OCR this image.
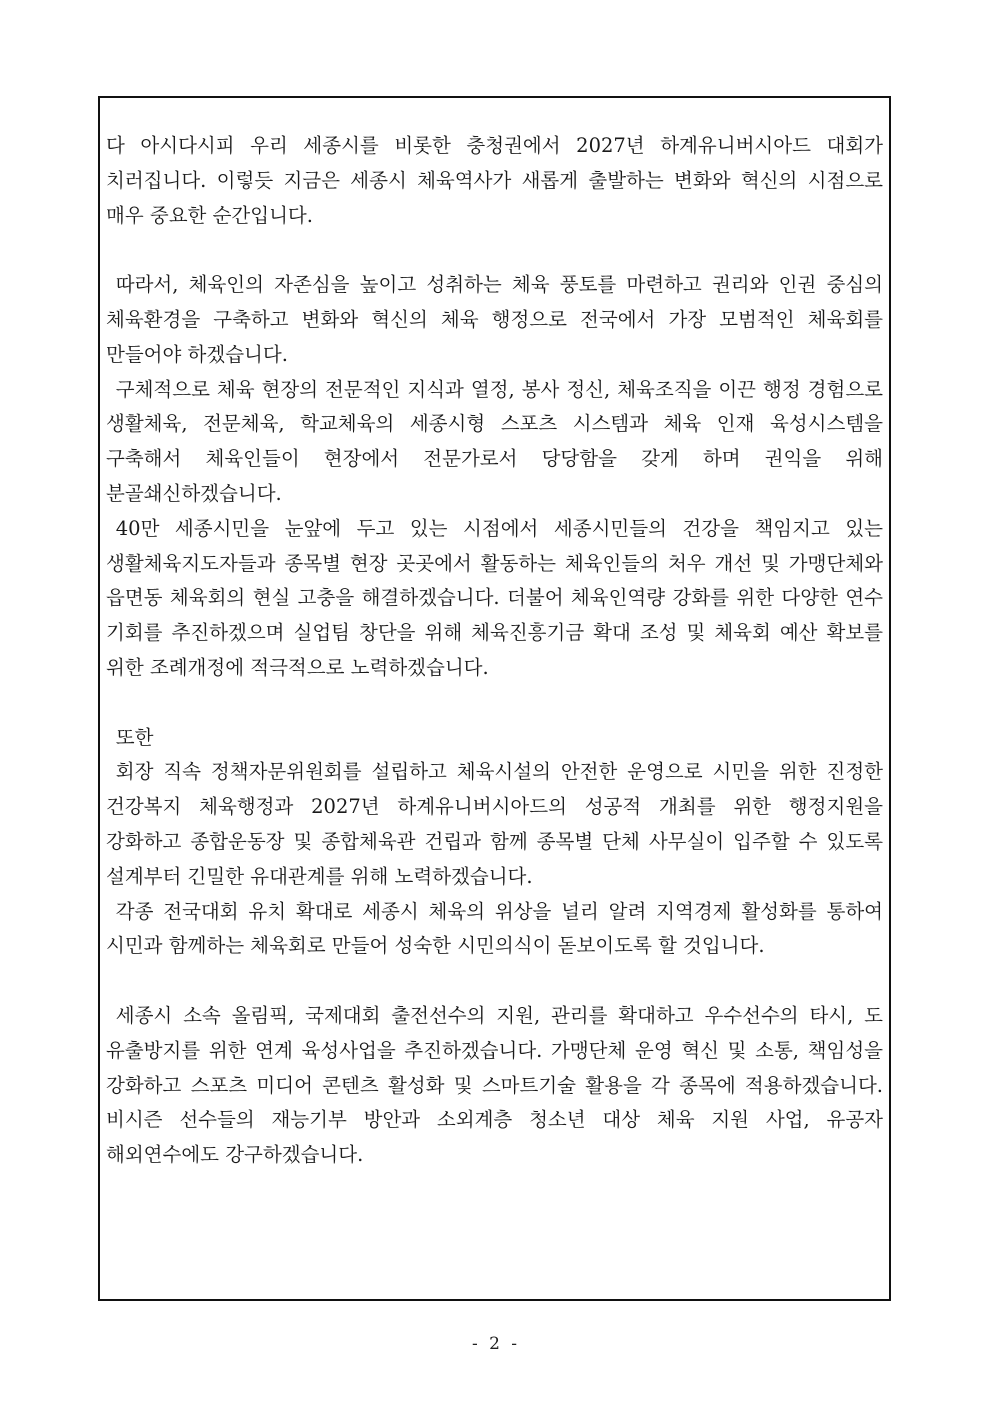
다 아시다시피 우리 세종시를 비롯한 충청권에서 2027년 하계유니버시아드 대회가 치러집니다. 이렇듯 지금은 세종시 체육역사가 새롭게 출발하는 변화와 혁신의 시점으로 매우 중요한 순간입니다.

따라서, 체육인의 자존심을 높이고 성취하는 체육 풍토를 마련하고 권리와 인권 중심의 체육환경을 구축하고 변화와 혁신의 체육 행정으로 전국에서 가장 모범적인 체육회를 만들어야 하겠습니다.

구체적으로 체육 현장의 전문적인 지식과 열정, 봉사 정신, 체육조직을 이끈 행정 경험으로 생활체육, 전문체육, 학교체육의 세종시형 스포츠 시스템과 체육 인재 육성시스템을 구축해서 체육인들이 현장에서 전문가로서 당당함을 갖게 하며 권익을 위해 분골쇄신하겠습니다.

40만 세종시민을 눈앞에 두고 있는 시점에서 세종시민들의 건강을 책임지고 있는 생활체육지도자들과 종목별 현장 곳곳에서 활동하는 체육인들의 처우 개선 및 가맹단체와 읍면동 체육회의 현실 고충을 해결하겠습니다. 더불어 체육인역량 강화를 위한 다양한 연수 기회를 추진하겠으며 실업팀 창단을 위해 체육진흥기금 확대 조성 및 체육회 예산 확보를 위한 조례개정에 적극적으로 노력하겠습니다.

또한

회장 직속 정책자문위원회를 설립하고 체육시설의 안전한 운영으로 시민을 위한 진정한 건강복지 체육행정과 2027년 하계유니버시아드의 성공적 개최를 위한 행정지원을 강화하고 종합운동장 및 종합체육관 건립과 함께 종목별 단체 사무실이 입주할 수 있도록 설계부터 긴밀한 유대관계를 위해 노력하겠습니다.

각종 전국대회 유치 확대로 세종시 체육의 위상을 널리 알려 지역경제 활성화를 통하여 시민과 함께하는 체육회로 만들어 성숙한 시민의식이 돋보이도록 할 것입니다.

세종시 소속 올림픽, 국제대회 출전선수의 지원, 관리를 확대하고 우수선수의 타시, 도 유출방지를 위한 연계 육성사업을 추진하겠습니다. 가맹단체 운영 혁신 및 소통, 책임성을 강화하고 스포츠 미디어 콘텐츠 활성화 및 스마트기술 활용을 각 종목에 적용하겠습니다. 비시즌 선수들의 재능기부 방안과 소외계층 청소년 대상 체육 지원 사업, 유공자 해외연수에도 강구하겠습니다.

- 2 -
